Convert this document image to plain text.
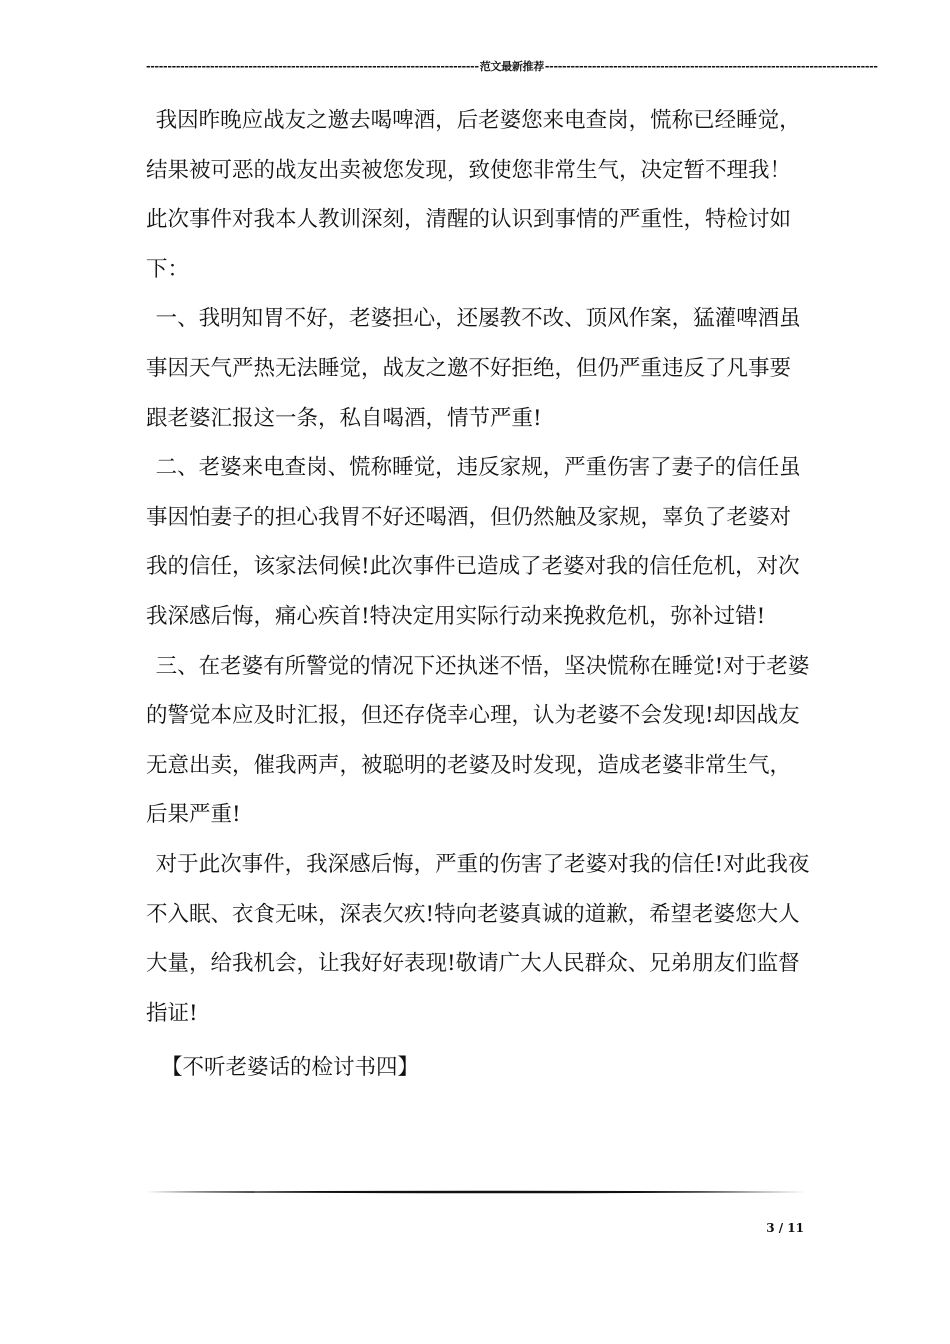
------------------------------------------------------------------------------ 范文最新推荐 ------------------------------------------------------------------------------

我因昨晚应战友之邀去喝啤酒，后老婆您来电查岗，慌称已经睡觉，结果被可恶的战友出卖被您发现，致使您非常生气，决定暂不理我！此次事件对我本人教训深刻，清醒的认识到事情的严重性，特检讨如下：

一、我明知胃不好，老婆担心，还屡教不改、顶风作案，猛灌啤酒虽事因天气严热无法睡觉，战友之邀不好拒绝，但仍严重违反了凡事要跟老婆汇报这一条，私自喝酒，情节严重!

二、老婆来电查岗、慌称睡觉，违反家规，严重伤害了妻子的信任虽事因怕妻子的担心我胃不好还喝酒，但仍然触及家规，辜负了老婆对我的信任，该家法伺候!此次事件已造成了老婆对我的信任危机，对次我深感后悔，痛心疾首!特决定用实际行动来挽救危机，弥补过错!

三、在老婆有所警觉的情况下还执迷不悟，坚决慌称在睡觉!对于老婆的警觉本应及时汇报，但还存侥幸心理，认为老婆不会发现!却因战友无意出卖，催我两声，被聪明的老婆及时发现，造成老婆非常生气，后果严重!

对于此次事件，我深感后悔，严重的伤害了老婆对我的信任!对此我夜不入眠、衣食无味，深表欠疚!特向老婆真诚的道歉，希望老婆您大人大量，给我机会，让我好好表现!敬请广大人民群众、兄弟朋友们监督指证!

【不听老婆话的检讨书四】

3 / 11
